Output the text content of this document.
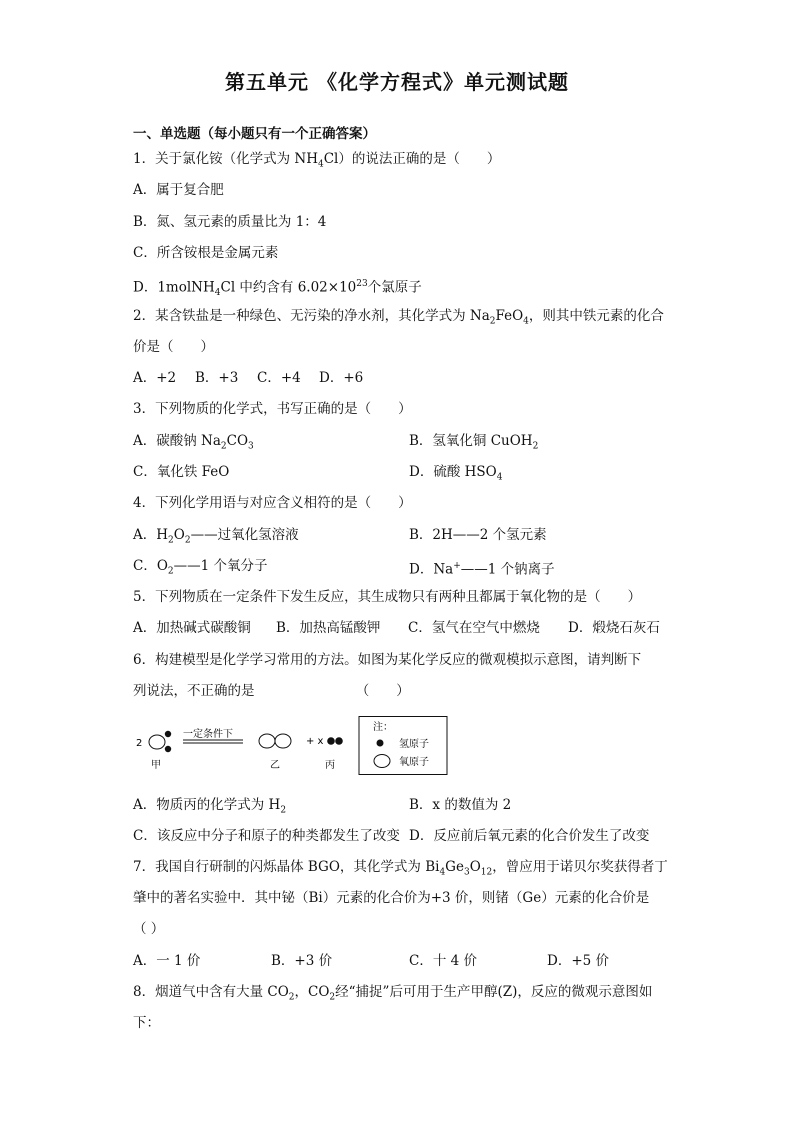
第五单元 《化学方程式》单元测试题
一、单选题（每小题只有一个正确答案）
1．关于氯化铵（化学式为 $NH_4Cl$）的说法正确的是（　　）
A．属于复合肥
B．氮、氢元素的质量比为 1：4
C．所含铵根是金属元素
D．1molNH$_4$Cl 中约含有 $6.02\times 10^{23}$个氯原子
2．某含铁盐是一种绿色、无污染的净水剂，其化学式为 $Na_2FeO_4$，则其中铁元素的化合
价是（　　）
A．+2 B．+3 C．+4 D．+6
3．下列物质的化学式，书写正确的是（　　）
A．碳酸钠 $Na_2CO_3$	B．氢氧化铜 CuOH$_2$
C．氧化铁 FeO	D．硫酸 $HSO_4$
4．下列化学用语与对应含义相符的是（　　）
A．$H_2O_2——$过氧化氢溶液	B．2H——2 个氢元素
C．$O_2——1$ 个氧分子	D．Na+——1 个钠离子
5．下列物质在一定条件下发生反应，其生成物只有两种且都属于氧化物的是（　　）
A．加热碱式碳酸铜 B．加热高锰酸钾 C．氢气在空气中燃烧 D．煅烧石灰石
6．构建模型是化学学习常用的方法。如图为某化学反应的微观模拟示意图，请判断下
列说法，不正确的是　　　　　　　　（　　）
2
甲
一定条件下
乙
+ x
丙
注：
氢原子
氧原子
A．物质丙的化学式为 $H_2$	B．x 的数值为 2
C．该反应中分子和原子的种类都发生了改变 D．反应前后氧元素的化合价发生了改变
7．我国自行研制的闪烁晶体 BGO，其化学式为 $Bi_4Ge_3O_{12}$，曾应用于诺贝尔奖获得者丁
肇中的著名实验中．其中铋（Bi）元素的化合价为+3 价，则锗（Ge）元素的化合价是
（ ）
A．一 1 价	B．+3 价	C．十 4 价	D．+5 价
8．烟道气中含有大量 $CO_2$，$CO_2$经“捕捉”后可用于生产甲醇(Z)，反应的微观示意图如
下：
